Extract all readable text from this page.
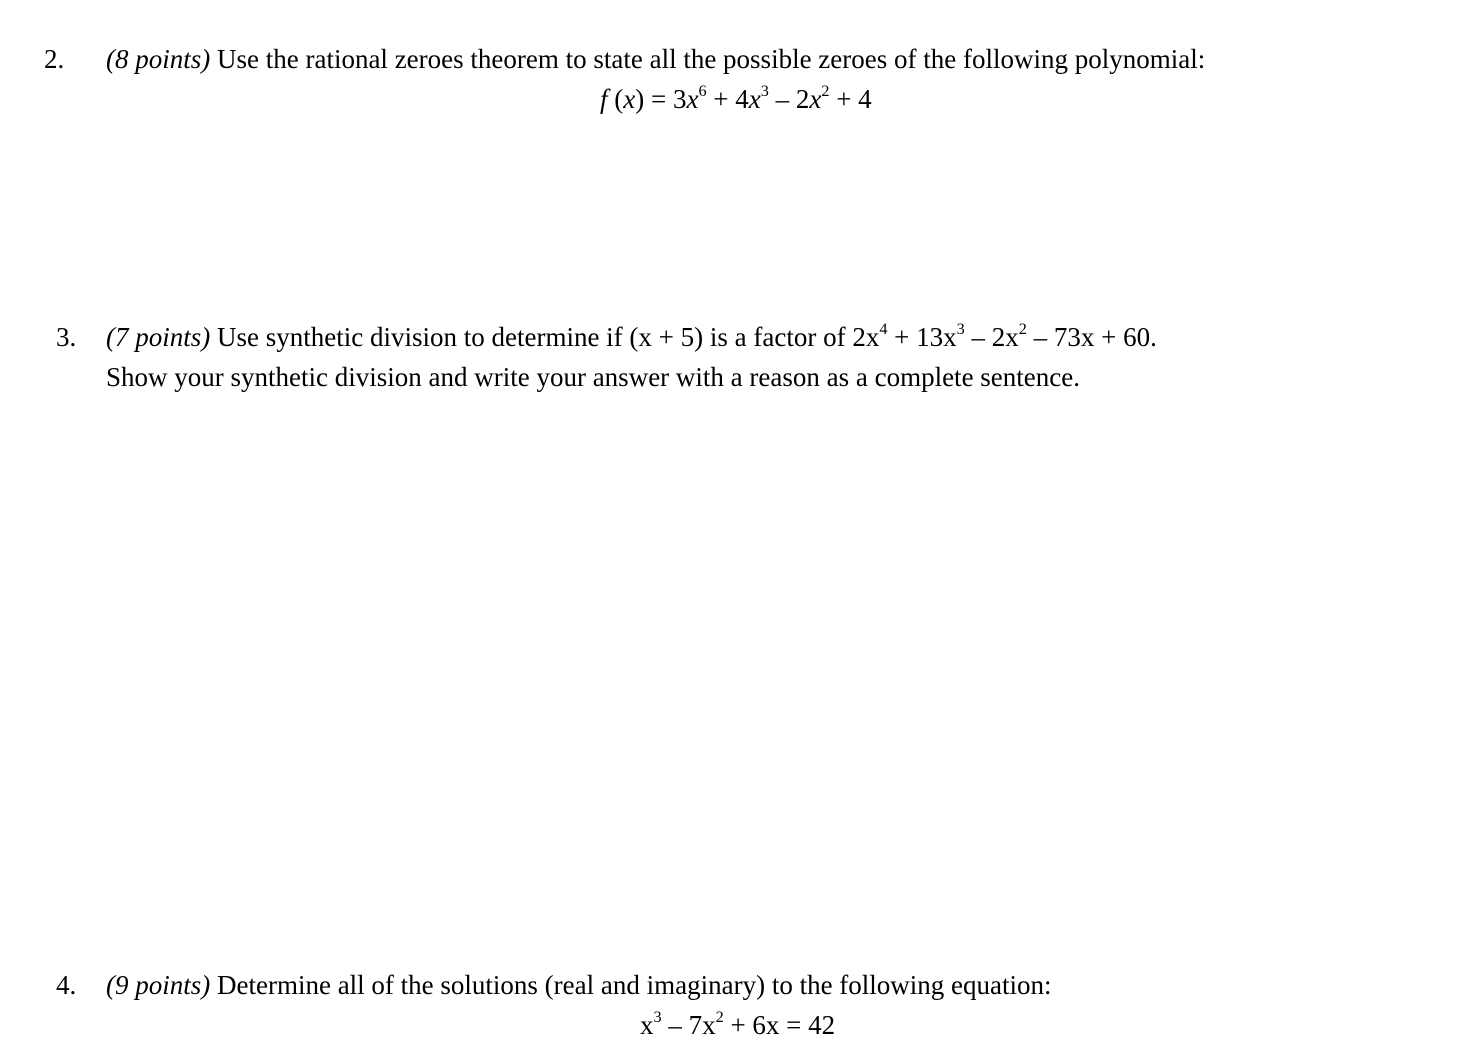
2. (8 points) Use the rational zeroes theorem to state all the possible zeroes of the following polynomial:
f $(x) = 3x^6 + 4x^3 - 2x^2 + 4$
3. (7 points) Use synthetic division to determine if (x + 5) is a factor of $2x^4 + 13x^3 - 2x^2 - 73x + 60$.
Show your synthetic division and write your answer with a reason as a complete sentence.
4. (9 points) Determine all of the solutions (real and imaginary) to the following equation:
$x^3 - 7x^2 + 6x = 42$
